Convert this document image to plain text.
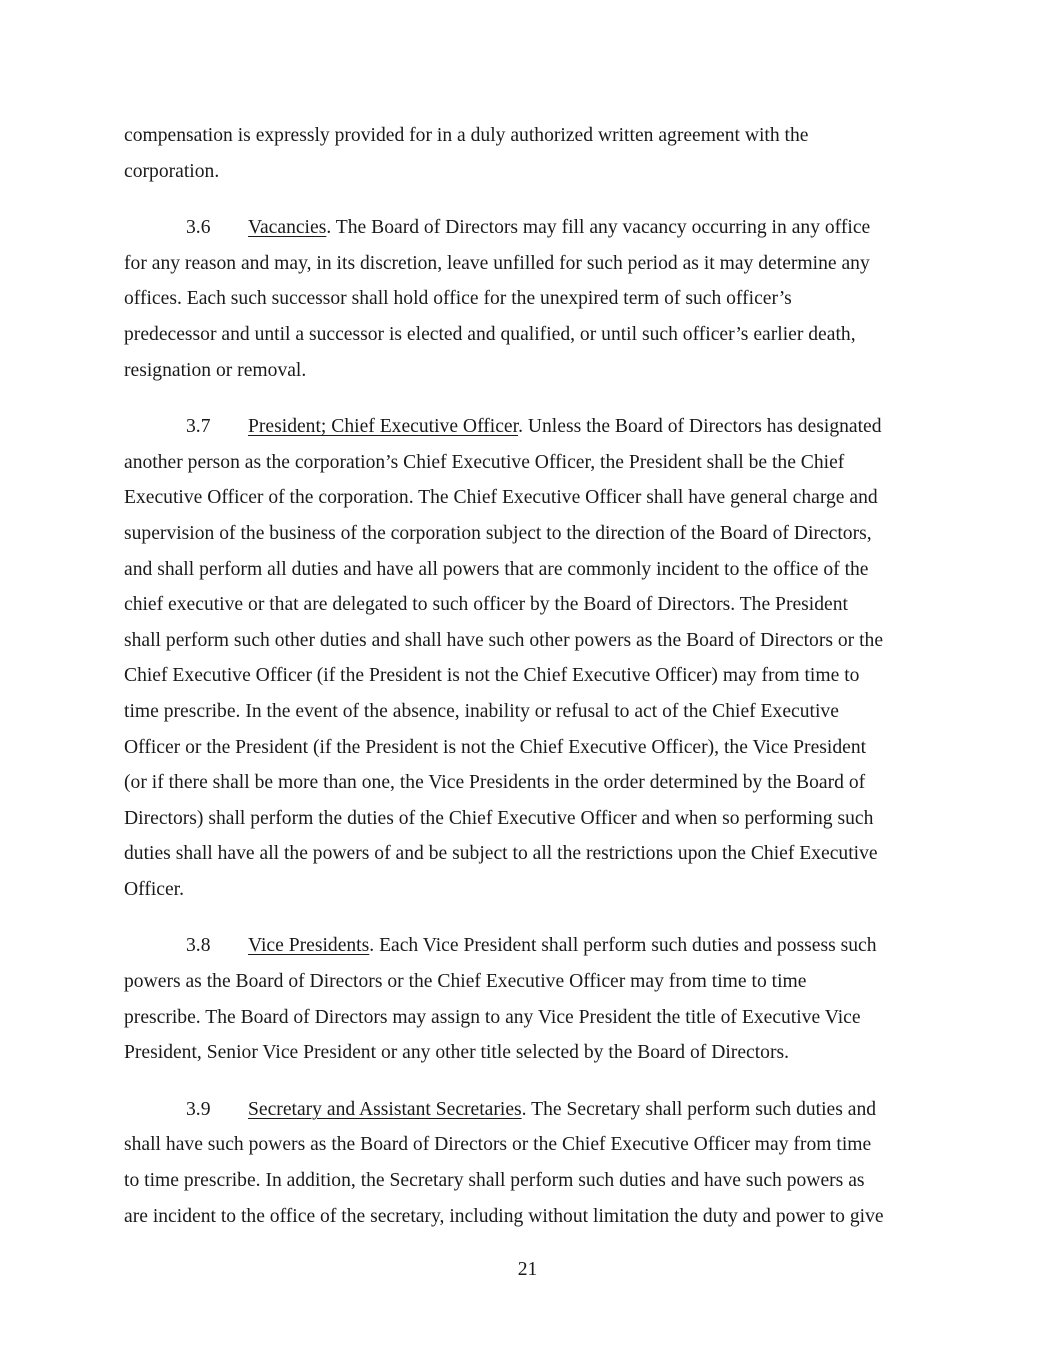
compensation is expressly provided for in a duly authorized written agreement with the
corporation.
3.6 Vacancies. The Board of Directors may fill any vacancy occurring in any office
for any reason and may, in its discretion, leave unfilled for such period as it may determine any
offices. Each such successor shall hold office for the unexpired term of such officer’s
predecessor and until a successor is elected and qualified, or until such officer’s earlier death,
resignation or removal.
3.7 President; Chief Executive Officer. Unless the Board of Directors has designated
another person as the corporation’s Chief Executive Officer, the President shall be the Chief
Executive Officer of the corporation. The Chief Executive Officer shall have general charge and
supervision of the business of the corporation subject to the direction of the Board of Directors,
and shall perform all duties and have all powers that are commonly incident to the office of the
chief executive or that are delegated to such officer by the Board of Directors. The President
shall perform such other duties and shall have such other powers as the Board of Directors or the
Chief Executive Officer (if the President is not the Chief Executive Officer) may from time to
time prescribe. In the event of the absence, inability or refusal to act of the Chief Executive
Officer or the President (if the President is not the Chief Executive Officer), the Vice President
(or if there shall be more than one, the Vice Presidents in the order determined by the Board of
Directors) shall perform the duties of the Chief Executive Officer and when so performing such
duties shall have all the powers of and be subject to all the restrictions upon the Chief Executive
Officer.
3.8 Vice Presidents. Each Vice President shall perform such duties and possess such
powers as the Board of Directors or the Chief Executive Officer may from time to time
prescribe. The Board of Directors may assign to any Vice President the title of Executive Vice
President, Senior Vice President or any other title selected by the Board of Directors.
3.9 Secretary and Assistant Secretaries. The Secretary shall perform such duties and
shall have such powers as the Board of Directors or the Chief Executive Officer may from time
to time prescribe. In addition, the Secretary shall perform such duties and have such powers as
are incident to the office of the secretary, including without limitation the duty and power to give
21
